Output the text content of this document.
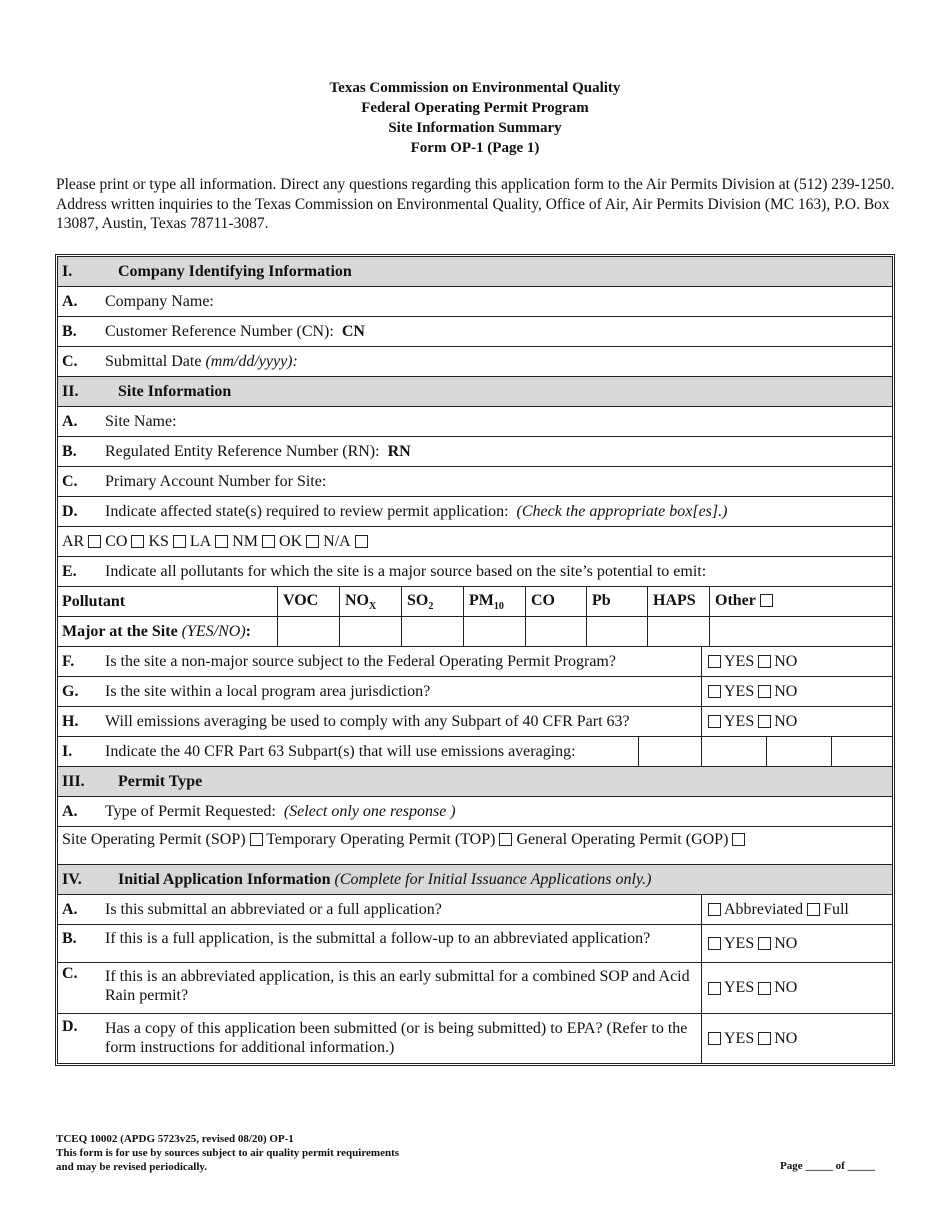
Texas Commission on Environmental Quality
Federal Operating Permit Program
Site Information Summary
Form OP-1 (Page 1)
Please print or type all information. Direct any questions regarding this application form to the Air Permits Division at (512) 239-1250. Address written inquiries to the Texas Commission on Environmental Quality, Office of Air, Air Permits Division (MC 163), P.O. Box 13087, Austin, Texas 78711-3087.
I.	Company Identifying Information
A. Company Name:
B. Customer Reference Number (CN): CN
C. Submittal Date (mm/dd/yyyy):
II. Site Information
A. Site Name:
B. Regulated Entity Reference Number (RN): RN
C. Primary Account Number for Site:
D. Indicate affected state(s) required to review permit application: (Check the appropriate box[es].)
AR CO KS LA NM OK N/A
E. Indicate all pollutants for which the site is a major source based on the site’s potential to emit:
Pollutant	VOC	$NO_X$	$SO_2$	$PM_{10}$	CO	Pb	HAPS	Other
Major at the Site (YES/NO):
F. Is the site a non-major source subject to the Federal Operating Permit Program?	YES
NO
G. Is the site within a local program area jurisdiction?	YES
NO
H. Will emissions averaging be used to comply with any Subpart of 40 CFR Part 63?	YES
NO
I. Indicate the 40 CFR Part 63 Subpart(s) that will use emissions averaging:
III. Permit Type
A. Type of Permit Requested: (Select only one response )
Site Operating Permit (SOP) Temporary Operating Permit (TOP) General Operating Permit (GOP)
IV. Initial Application Information (Complete for Initial Issuance Applications only.)
A. Is this submittal an abbreviated or a full application?	Abbreviated
Full
B. If this is a full application, is the submittal a follow-up to an abbreviated application?	YES
NO
C. If this is an abbreviated application, is this an early submittal for a combined SOP and Acid Rain permit?	YES
NO
D. Has a copy of this application been submitted (or is being submitted) to EPA? (Refer to the form instructions for additional information.)
YES
NO
TCEQ 10002 (APDG 5723v25, revised 08/20) OP-1
This form is for use by sources subject to air quality permit requirements
and may be revised periodically.	Page _____ of _____
